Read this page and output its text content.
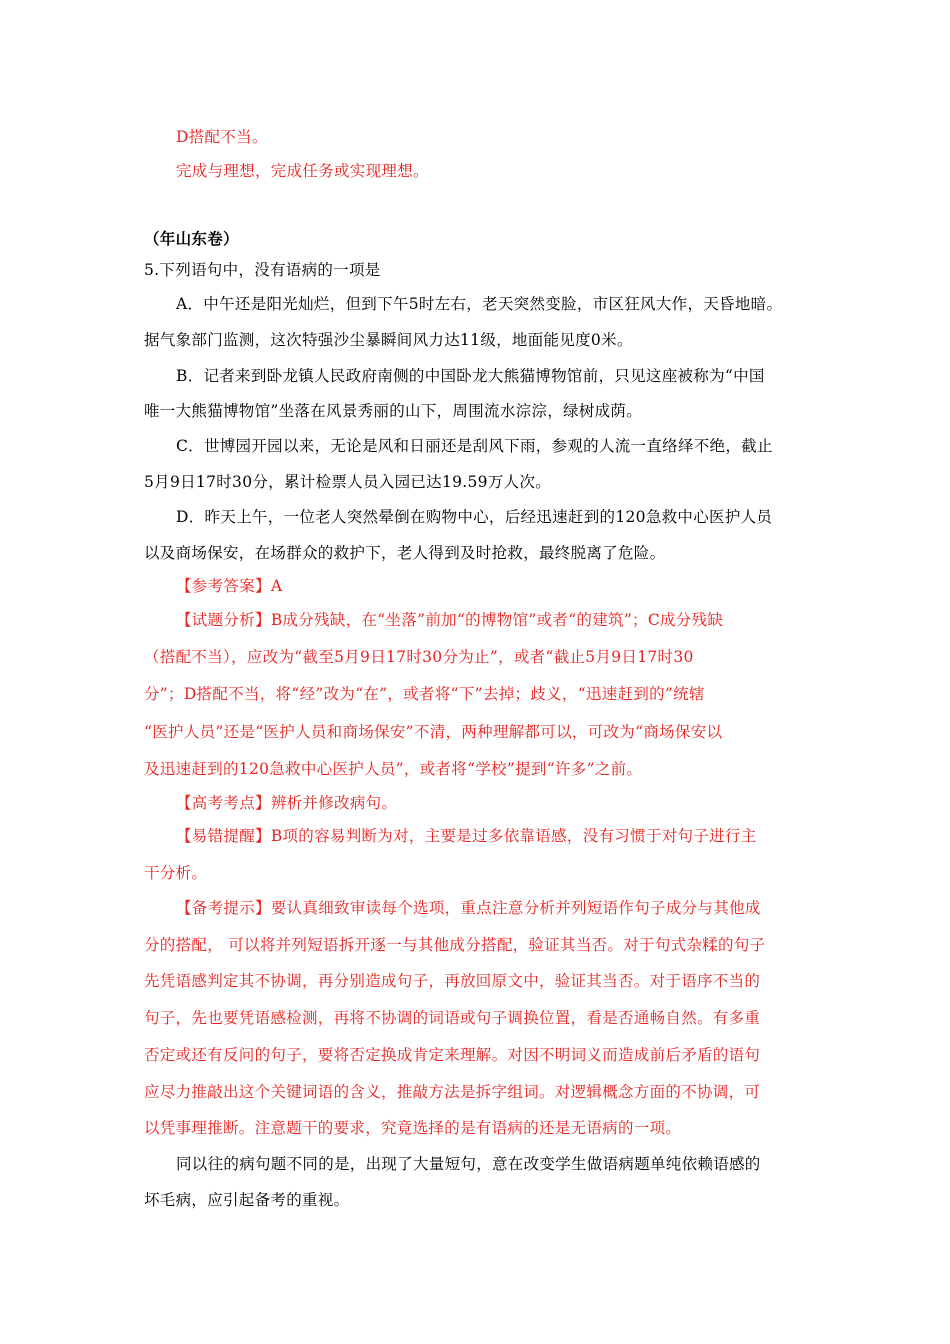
D搭配不当。
完成与理想，完成任务或实现理想。
（年山东卷）
5.下列语句中，没有语病的一项是
A．中午还是阳光灿烂，但到下午5时左右，老天突然变脸，市区狂风大作，天昏地暗。
据气象部门监测，这次特强沙尘暴瞬间风力达11级，地面能见度0米。
B．记者来到卧龙镇人民政府南侧的中国卧龙大熊猫博物馆前，只见这座被称为“中国
唯一大熊猫博物馆”坐落在风景秀丽的山下，周围流水淙淙，绿树成荫。
C．世博园开园以来，无论是风和日丽还是刮风下雨，参观的人流一直络绎不绝，截止
5月9日17时30分，累计检票人员入园已达19.59万人次。
D．昨天上午，一位老人突然晕倒在购物中心，后经迅速赶到的120急救中心医护人员
以及商场保安，在场群众的救护下，老人得到及时抢救，最终脱离了危险。
【参考答案】A
【试题分析】B成分残缺，在“坐落”前加“的博物馆”或者“的建筑”；C成分残缺
（搭配不当），应改为“截至5月9日17时30分为止”，或者“截止5月9日17时30
分”；D搭配不当，将“经”改为“在”，或者将“下”去掉；歧义，“迅速赶到的”统辖
“医护人员”还是“医护人员和商场保安”不清，两种理解都可以，可改为“商场保安以
及迅速赶到的120急救中心医护人员”，或者将“学校”提到“许多”之前。
【高考考点】辨析并修改病句。
【易错提醒】B项的容易判断为对，主要是过多依靠语感，没有习惯于对句子进行主
干分析。
【备考提示】要认真细致审读每个选项，重点注意分析并列短语作句子成分与其他成
分的搭配， 可以将并列短语拆开逐一与其他成分搭配，验证其当否。对于句式杂糅的句子
先凭语感判定其不协调，再分别造成句子，再放回原文中，验证其当否。对于语序不当的
句子，先也要凭语感检测，再将不协调的词语或句子调换位置，看是否通畅自然。有多重
否定或还有反问的句子，要将否定换成肯定来理解。对因不明词义而造成前后矛盾的语句
应尽力推敲出这个关键词语的含义，推敲方法是拆字组词。对逻辑概念方面的不协调，可
以凭事理推断。注意题干的要求，究竟选择的是有语病的还是无语病的一项。
同以往的病句题不同的是，出现了大量短句，意在改变学生做语病题单纯依赖语感的
坏毛病，应引起备考的重视。
